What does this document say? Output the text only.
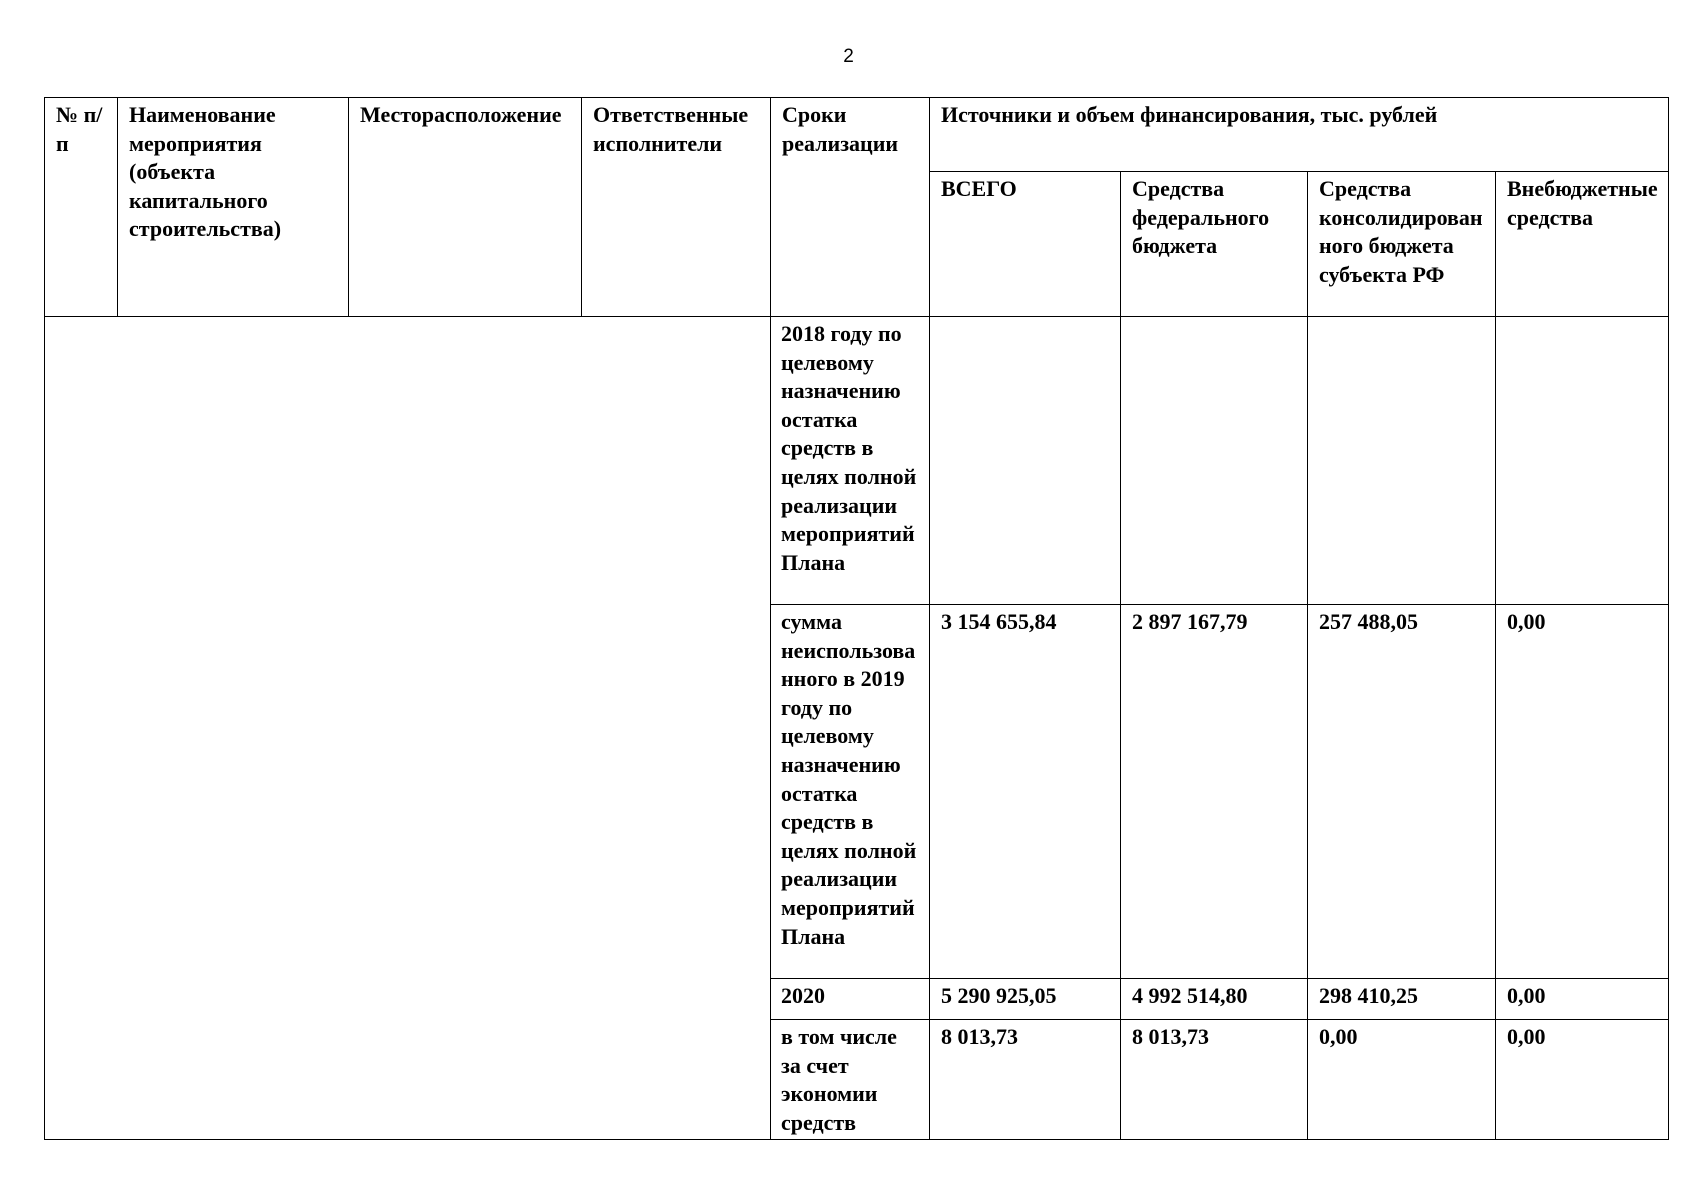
2
№ п/п	Наименование мероприятия (объекта капитального строительства)	Месторасположение	Ответственные исполнители	Сроки реализации	Источники и объем финансирования, тыс. рублей			
					ВСЕГО	Средства федерального бюджета	Средства консолидированного бюджета субъекта РФ	Внебюджетные средства
				2018 году по целевому назначению остатка средств в целях полной реализации мероприятий Плана				
				сумма неиспользованного в 2019 году по целевому назначению остатка средств в целях полной реализации мероприятий Плана	3 154 655,84	2 897 167,79	257 488,05	0,00
				2020	5 290 925,05	4 992 514,80	298 410,25	0,00
				в том числе за счет экономии средств	8 013,73	8 013,73	0,00	0,00
